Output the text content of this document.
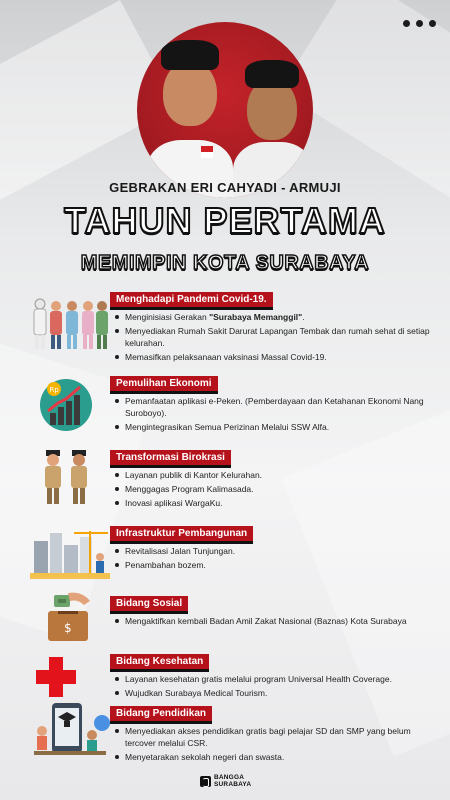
GEBRAKAN ERI CAHYADI - ARMUJI
TAHUN PERTAMA
MEMIMPIN KOTA SURABAYA
Menghadapi Pandemi Covid-19.
Menginisiasi Gerakan "Surabaya Memanggil".
Menyediakan Rumah Sakit Darurat Lapangan Tembak dan rumah sehat di setiap kelurahan.
Memasifkan pelaksanaan vaksinasi Massal Covid-19.
Rp
Pemulihan Ekonomi
Pemanfaatan aplikasi e-Peken. (Pemberdayaan dan Ketahanan Ekonomi Nang Suroboyo).
Mengintegrasikan Semua Perizinan Melalui SSW Alfa.
Transformasi Birokrasi
Layanan publik di Kantor Kelurahan.
Menggagas Program Kalimasada.
Inovasi aplikasi WargaKu.
Infrastruktur Pembangunan
Revitalisasi Jalan Tunjungan.
Penambahan bozem.
$
Bidang Sosial
Mengaktifkan kembali Badan Amil Zakat Nasional (Baznas) Kota Surabaya
Bidang Kesehatan
Layanan kesehatan gratis melalui program Universal Health Coverage.
Wujudkan Surabaya Medical Tourism.
Bidang Pendidikan
Menyediakan akses pendidikan gratis bagi pelajar SD dan SMP yang belum tercover melalui CSR.
Menyetarakan sekolah negeri dan swasta.
BANGGA
SURABAYA
